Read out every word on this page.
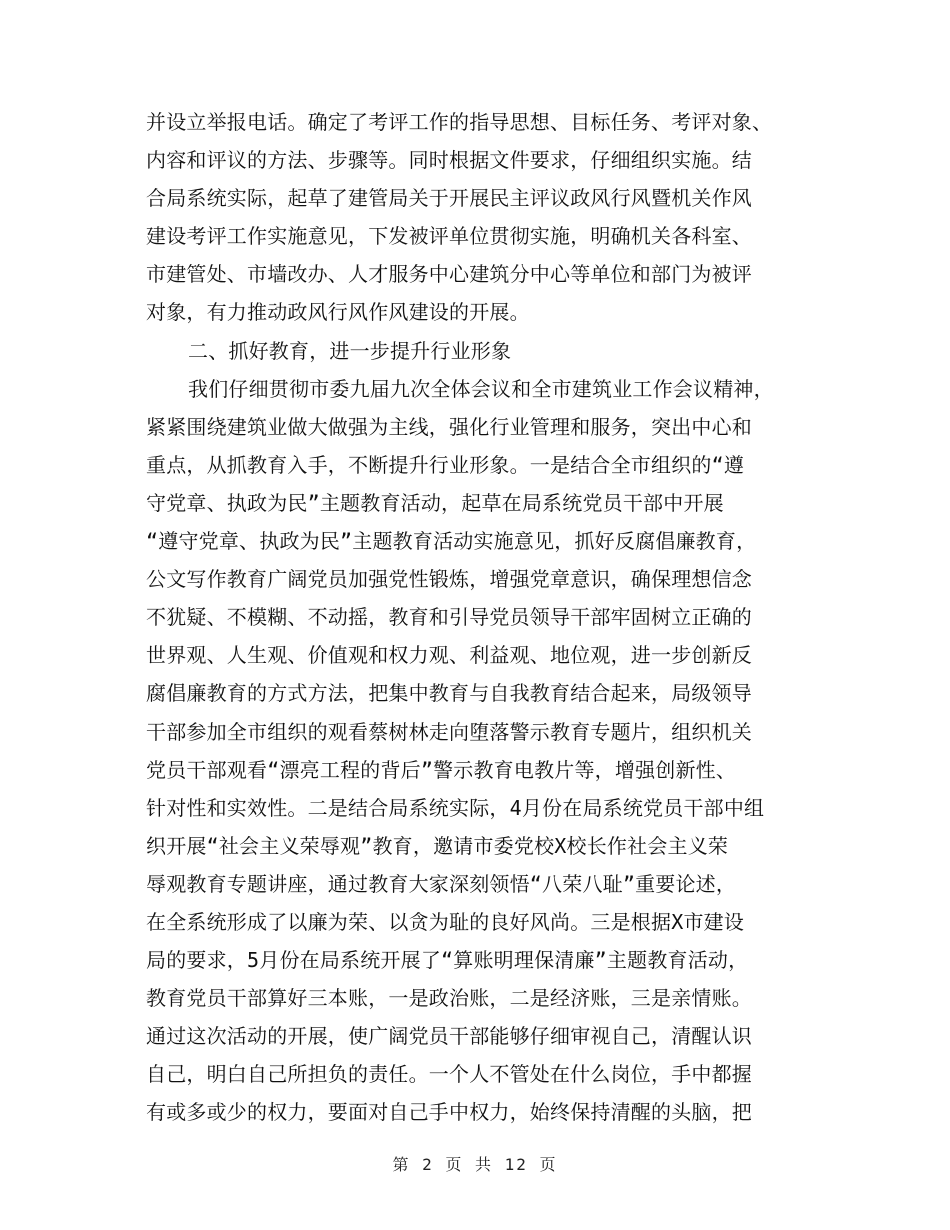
并设立举报电话。确定了考评工作的指导思想、目标任务、考评对象、
内容和评议的方法、步骤等。同时根据文件要求，仔细组织实施。结
合局系统实际，起草了建管局关于开展民主评议政风行风暨机关作风
建设考评工作实施意见，下发被评单位贯彻实施，明确机关各科室、
市建管处、市墙改办、人才服务中心建筑分中心等单位和部门为被评
对象，有力推动政风行风作风建设的开展。
二、抓好教育，进一步提升行业形象
我们仔细贯彻市委九届九次全体会议和全市建筑业工作会议精神，
紧紧围绕建筑业做大做强为主线，强化行业管理和服务，突出中心和
重点，从抓教育入手，不断提升行业形象。一是结合全市组织的“遵
守党章、执政为民”主题教育活动，起草在局系统党员干部中开展
“遵守党章、执政为民”主题教育活动实施意见，抓好反腐倡廉教育，
公文写作教育广阔党员加强党性锻炼，增强党章意识，确保理想信念
不犹疑、不模糊、不动摇，教育和引导党员领导干部牢固树立正确的
世界观、人生观、价值观和权力观、利益观、地位观，进一步创新反
腐倡廉教育的方式方法，把集中教育与自我教育结合起来，局级领导
干部参加全市组织的观看蔡树林走向堕落警示教育专题片，组织机关
党员干部观看“漂亮工程的背后”警示教育电教片等，增强创新性、
针对性和实效性。二是结合局系统实际，4月份在局系统党员干部中组
织开展“社会主义荣辱观”教育，邀请市委党校X校长作社会主义荣
辱观教育专题讲座，通过教育大家深刻领悟“八荣八耻”重要论述，
在全系统形成了以廉为荣、以贪为耻的良好风尚。三是根据X市建设
局的要求，5月份在局系统开展了“算账明理保清廉”主题教育活动，
教育党员干部算好三本账，一是政治账，二是经济账，三是亲情账。
通过这次活动的开展，使广阔党员干部能够仔细审视自己，清醒认识
自己，明白自己所担负的责任。一个人不管处在什么岗位，手中都握
有或多或少的权力，要面对自己手中权力，始终保持清醒的头脑，把
第 2 页 共 12 页
